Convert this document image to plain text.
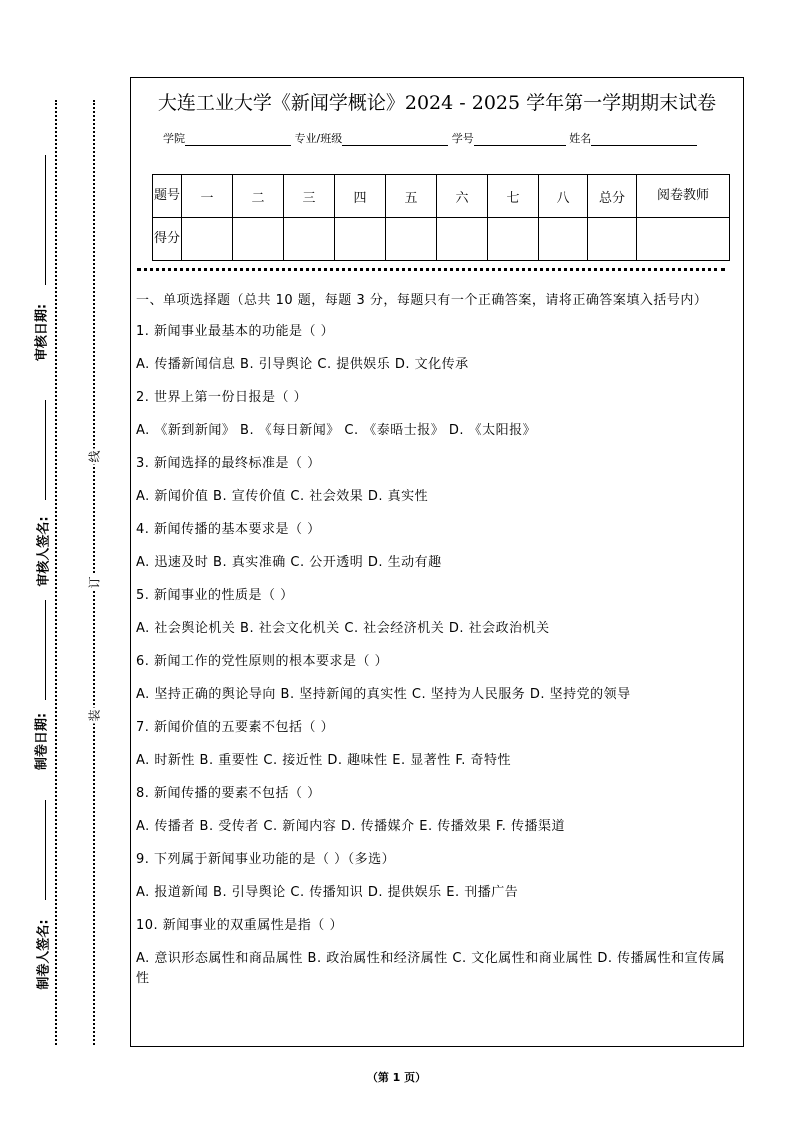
审核日期:
审核人签名:
制卷日期:
制卷人签名:
线
订
装
大连工业大学《新闻学概论》2024 - 2025 学年第一学期期末试卷
学院	专业/班级	学号	姓名
题号	一	二	三	四	五	六	七	八	总分	阅卷教师
得分										

一、单项选择题（总共 10 题，每题 3 分，每题只有一个正确答案，请将正确答案填入括号内）

1. 新闻事业最基本的功能是（ ）

A. 传播新闻信息 B. 引导舆论 C. 提供娱乐 D. 文化传承

2. 世界上第一份日报是（ ）

A. 《新到新闻》 B. 《每日新闻》 C. 《泰晤士报》 D. 《太阳报》

3. 新闻选择的最终标准是（ ）

A. 新闻价值 B. 宣传价值 C. 社会效果 D. 真实性

4. 新闻传播的基本要求是（ ）

A. 迅速及时 B. 真实准确 C. 公开透明 D. 生动有趣

5. 新闻事业的性质是（ ）

A. 社会舆论机关 B. 社会文化机关 C. 社会经济机关 D. 社会政治机关

6. 新闻工作的党性原则的根本要求是（ ）

A. 坚持正确的舆论导向 B. 坚持新闻的真实性 C. 坚持为人民服务 D. 坚持党的领导

7. 新闻价值的五要素不包括（ ）

A. 时新性 B. 重要性 C. 接近性 D. 趣味性 E. 显著性 F. 奇特性

8. 新闻传播的要素不包括（ ）

A. 传播者 B. 受传者 C. 新闻内容 D. 传播媒介 E. 传播效果 F. 传播渠道

9. 下列属于新闻事业功能的是（ ）（多选）

A. 报道新闻 B. 引导舆论 C. 传播知识 D. 提供娱乐 E. 刊播广告

10. 新闻事业的双重属性是指（ ）

A. 意识形态属性和商品属性 B. 政治属性和经济属性 C. 文化属性和商业属性 D. 传播属性和宣传属性

（第 1 页）
